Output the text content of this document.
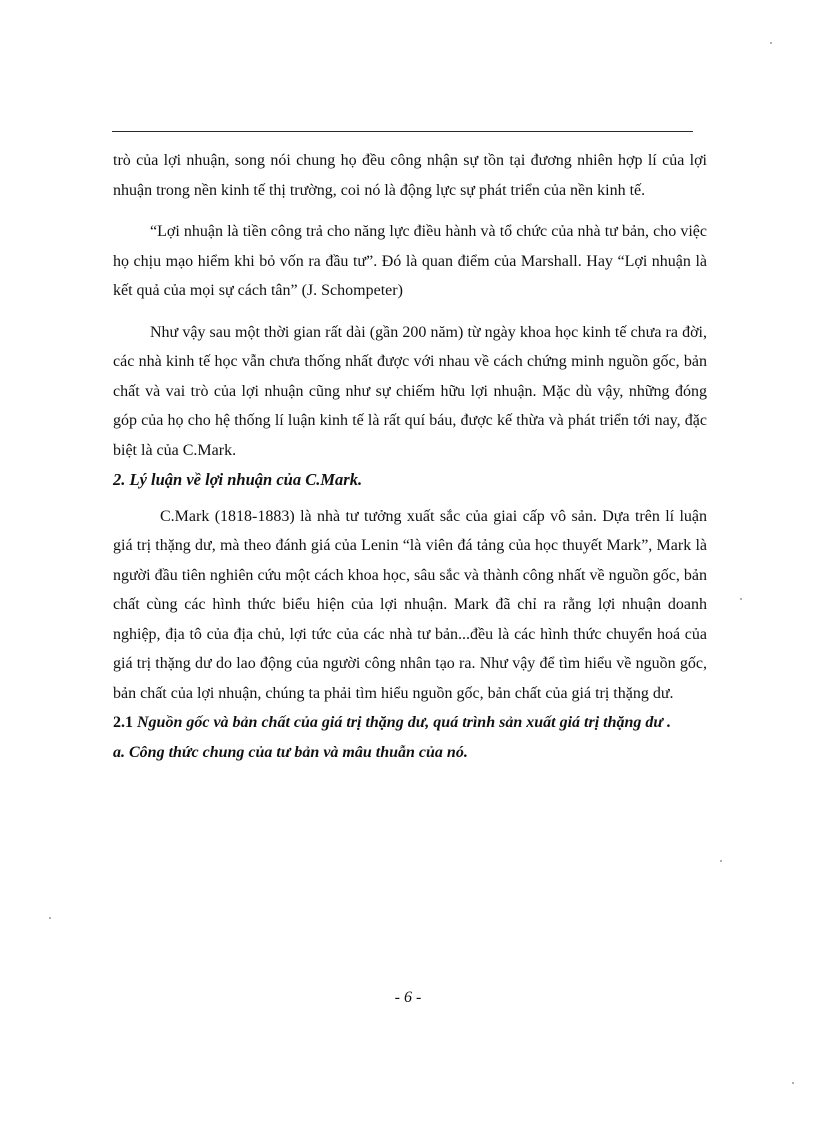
trò của lợi nhuận, song nói chung họ đều công nhận sự tồn tại đương nhiên hợp lí của lợi nhuận trong nền kinh tế thị trường, coi nó là động lực sự phát triển của nền kinh tế.

“Lợi nhuận là tiền công trả cho năng lực điều hành và tổ chức của nhà tư bản, cho việc họ chịu mạo hiểm khi bỏ vốn ra đầu tư”. Đó là quan điểm của Marshall. Hay “Lợi nhuận là kết quả của mọi sự cách tân” (J. Schompeter)

Như vậy sau một thời gian rất dài (gần 200 năm) từ ngày khoa học kinh tế chưa ra đời, các nhà kinh tế học vẫn chưa thống nhất được với nhau về cách chứng minh nguồn gốc, bản chất và vai trò của lợi nhuận cũng như sự chiếm hữu lợi nhuận. Mặc dù vậy, những đóng góp của họ cho hệ thống lí luận kinh tế là rất quí báu, được kế thừa và phát triển tới nay, đặc biệt là của C.Mark.

2. Lý luận về lợi nhuận của C.Mark.

C.Mark (1818-1883) là nhà tư tưởng xuất sắc của giai cấp vô sản. Dựa trên lí luận giá trị thặng dư, mà theo đánh giá của Lenin “là viên đá tảng của học thuyết Mark”, Mark là người đầu tiên nghiên cứu một cách khoa học, sâu sắc và thành công nhất về nguồn gốc, bản chất cùng các hình thức biểu hiện của lợi nhuận. Mark đã chỉ ra rằng lợi nhuận doanh nghiệp, địa tô của địa chủ, lợi tức của các nhà tư bản...đều là các hình thức chuyển hoá của giá trị thặng dư do lao động của người công nhân tạo ra. Như vậy để tìm hiểu về nguồn gốc, bản chất của lợi nhuận, chúng ta phải tìm hiểu nguồn gốc, bản chất của giá trị thặng dư.

2.1 Nguồn gốc và bản chất của giá trị thặng dư, quá trình sản xuất giá trị thặng dư .
a. Công thức chung của tư bản và mâu thuẫn của nó.
- 6 -
